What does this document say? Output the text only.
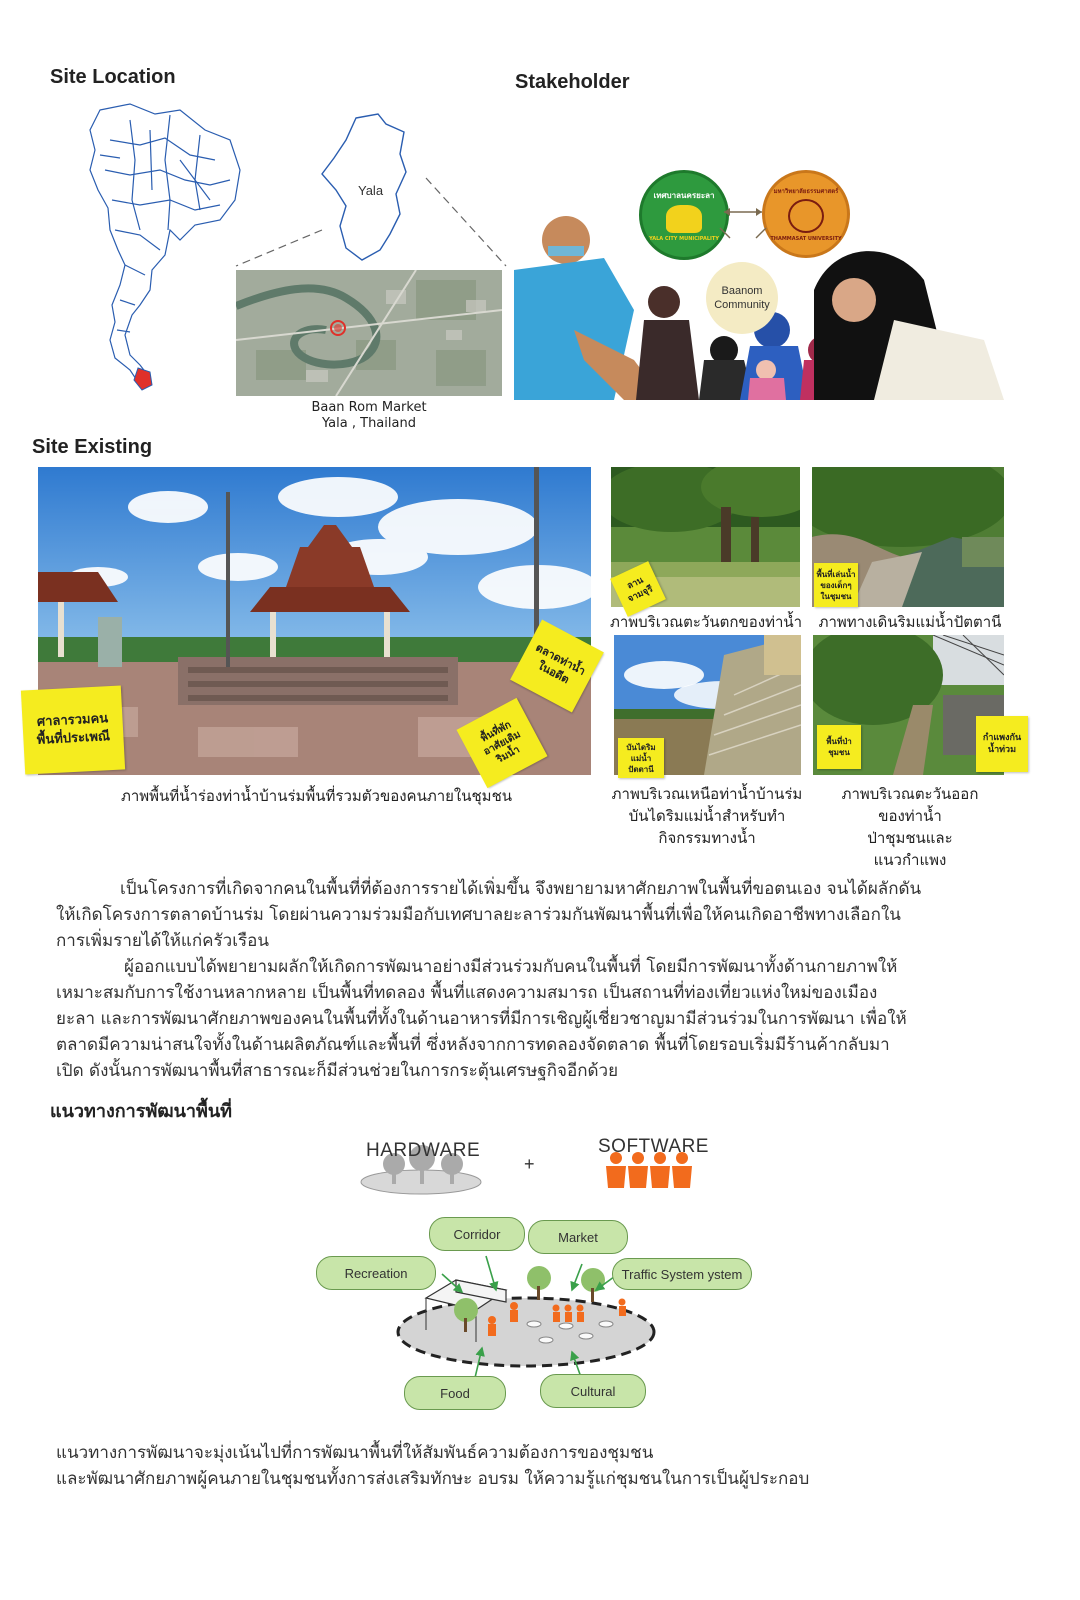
Site Location
Yala
Baan Rom Market
Yala , Thailand
Stakeholder
เทศบาลนครยะลา
YALA CITY MUNICIPALITY
มหาวิทยาลัยธรรมศาสตร์
THAMMASAT UNIVERSITY
Baanom
Community
Site Existing
ศาลารวมคน
พื้นที่ประเพณี
ตลาดท่าน้ำ
ในอดีต
พื้นที่พัก
อาศัยเดิม
ริมน้ำ
ภาพพื้นที่น้ำร่องท่าน้ำบ้านร่มพื้นที่รวมตัวของคนภายในชุมชน
ลาน
จามจุรี
ภาพบริเวณตะวันตกของท่าน้ำ
พื้นที่เล่นน้ำ
ของเด็กๆ
ในชุมชน
ภาพทางเดินริมแม่น้ำปัตตานี
บันไดริมแม่น้ำ
ปัตตานี
ภาพบริเวณเหนือท่าน้ำบ้านร่ม
บันไดริมแม่น้ำสำหรับทำ
กิจกรรมทางน้ำ
พื้นที่ป่า
ชุมชน
กำแพงกัน
น้ำท่วม
ภาพบริเวณตะวันออก
ของท่าน้ำ
ป่าชุมชนและ
แนวกำแพง
เป็นโครงการที่เกิดจากคนในพื้นที่ที่ต้องการรายได้เพิ่มขึ้น จึงพยายามหาศักยภาพในพื้นที่ขอตนเอง จนได้ผลักดัน
ให้เกิดโครงการตลาดบ้านร่ม โดยผ่านความร่วมมือกับเทศบาลยะลาร่วมกันพัฒนาพื้นที่เพื่อให้คนเกิดอาชีพทางเลือกใน
การเพิ่มรายได้ให้แก่ครัวเรือน
ผู้ออกแบบได้พยายามผลักให้เกิดการพัฒนาอย่างมีส่วนร่วมกับคนในพื้นที่ โดยมีการพัฒนาทั้งด้านกายภาพให้
เหมาะสมกับการใช้งานหลากหลาย เป็นพื้นที่ทดลอง พื้นที่แสดงความสมารถ เป็นสถานที่ท่องเที่ยวแห่งใหม่ของเมือง
ยะลา และการพัฒนาศักยภาพของคนในพื้นที่ทั้งในด้านอาหารที่มีการเชิญผู้เชี่ยวชาญมามีส่วนร่วมในการพัฒนา เพื่อให้
ตลาดมีความน่าสนใจทั้งในด้านผลิตภัณฑ์และพื้นที่ ซึ่งหลังจากการทดลองจัดตลาด พื้นที่โดยรอบเริ่มมีร้านค้ากลับมา
เปิด ดังนั้นการพัฒนาพื้นที่สาธารณะก็มีส่วนช่วยในการกระตุ้นเศรษฐกิจอีกด้วย
แนวทางการพัฒนาพื้นที่
HARDWARE
+
SOFTWARE
Corridor	Market
Recreation	Traffic System ystem
Food	Cultural
แนวทางการพัฒนาจะมุ่งเน้นไปที่การพัฒนาพื้นที่ให้สัมพันธ์ความต้องการของชุมชน
และพัฒนาศักยภาพผู้คนภายในชุมชนทั้งการส่งเสริมทักษะ อบรม ให้ความรู้แก่ชุมชนในการเป็นผู้ประกอบ
